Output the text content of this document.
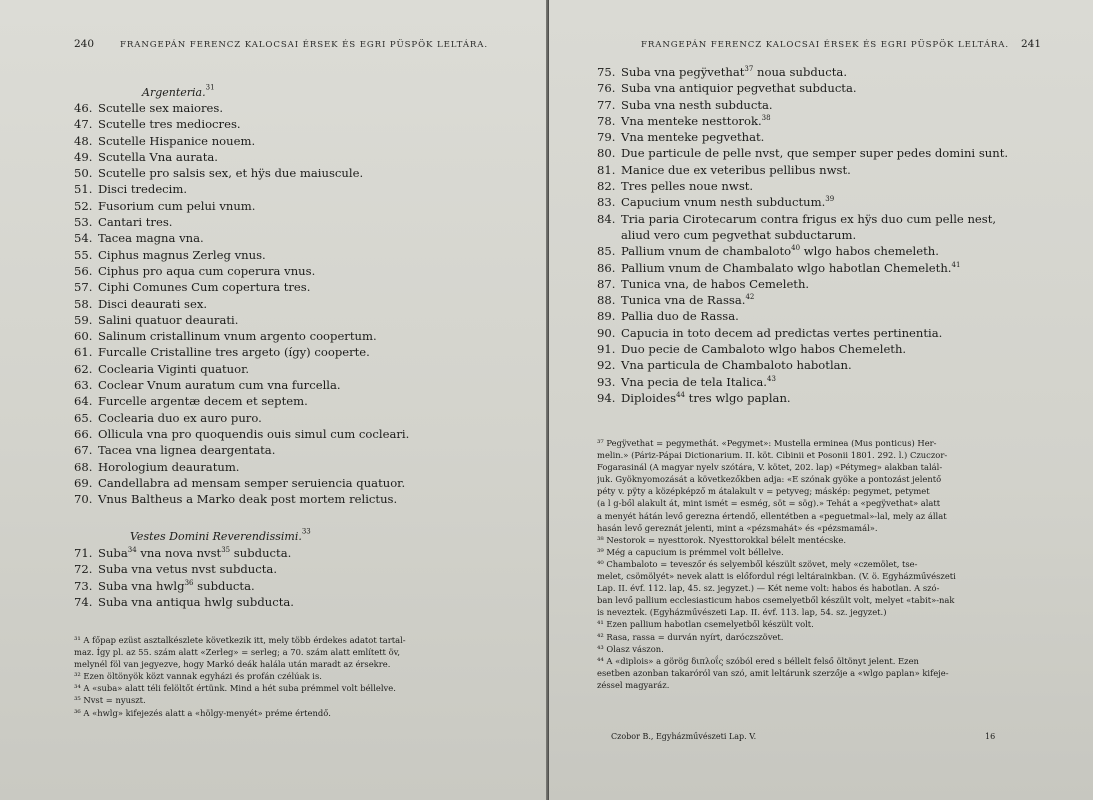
240	FRANGEPÁN FERENCZ KALOCSAI ÉRSEK ÉS EGRI PÜSPÖK LELTÁRA.
Argenteria.$^{31}$
46. Scutelle sex maiores.
47. Scutelle tres mediocres.
48. Scutelle Hispanice nouem.
49. Scutella Vna aurata.
50. Scutelle pro salsis sex, et hÿs due maiuscule.
51. Disci tredecim.
52. Fusorium cum pelui vnum.
53. Cantari tres.
54. Tacea magna vna.
55. Ciphus magnus Zerleg vnus.
56. Ciphus pro aqua cum coperura vnus.
57. Ciphi Comunes Cum copertura tres.
58. Disci deaurati sex.
59. Salini quatuor deaurati.
60. Salinum cristallinum vnum argento coopertum.
61. Furcalle Cristalline tres argeto (így) cooperte.
62. Coclearia Viginti quatuor.
63. Coclear Vnum auratum cum vna furcella.
64. Furcelle argentæ decem et septem.
65. Coclearia duo ex auro puro.
66. Ollicula vna pro quoquendis ouis simul cum cocleari.
67. Tacea vna lignea deargentata.
68. Horologium deauratum.
69. Candellabra ad mensam semper seruiencia quatuor.
70. Vnus Baltheus a Marko deak post mortem relictus.
Vestes Domini Reverendissimi.$^{33}$
71. Suba$^{34}$ vna nova nvst$^{35}$ subducta.
72. Suba vna vetus nvst subducta.
73. Suba vna hwlg$^{36}$ subducta.
74. Suba vna antiqua hwlg subducta.
³¹ A főpap ezüst asztalkészlete következik itt, mely több érdekes adatot tartal-
maz. Így pl. az 55. szám alatt «Zerleg» = serleg; a 70. szám alatt említett öv,
melynél föl van jegyezve, hogy Markó deák halála után maradt az érsekre.
³² Ezen öltönyök közt vannak egyházi és profán czélúak is.
³⁴ A «suba» alatt téli felöltőt értünk. Mind a hét suba prémmel volt béllelve.
³⁵ Nvst = nyuszt.
³⁶ A «hwlg» kifejezés alatt a «hölgy-menyét» préme értendő.
FRANGEPÁN FERENCZ KALOCSAI ÉRSEK ÉS EGRI PÜSPÖK LELTÁRA. 241
75. Suba vna pegÿvethat$^{37}$ noua subducta.
76. Suba vna antiquior pegvethat subducta.
77. Suba vna nesth subducta.
78. Vna menteke nesttorok.$^{38}$
79. Vna menteke pegvethat.
80. Due particule de pelle nvst, que semper super pedes domini sunt.
81. Manice due ex veteribus pellibus nwst.
82. Tres pelles noue nwst.
83. Capucium vnum nesth subductum.$^{39}$
84. Tria paria Cirotecarum contra frigus ex hÿs duo cum pelle nest,
aliud vero cum pegvethat subductarum.
85. Pallium vnum de chambaloto$^{40}$ wlgo habos chemeleth.
86. Pallium vnum de Chambalato wlgo habotlan Chemeleth.$^{41}$
87. Tunica vna, de habos Cemeleth.
88. Tunica vna de Rassa.$^{42}$
89. Pallia duo de Rassa.
90. Capucia in toto decem ad predictas vertes pertinentia.
91. Duo pecie de Cambaloto wlgo habos Chemeleth.
92. Vna particula de Chambaloto habotlan.
93. Vna pecia de tela Italica.$^{43}$
94. Diploides$^{44}$ tres wlgo paplan.
³⁷ Pegÿvethat = pegymethát. «Pegymet»: Mustella erminea (Mus ponticus) Her-
melin.» (Páriz-Pápai Dictionarium. II. köt. Cibinii et Posonii 1801. 292. l.) Czuczor-
Fogarasinál (A magyar nyelv szótára, V. kötet, 202. lap) «Pétymeg» alakban talál-
juk. Gyöknyomozását a következőkben adja: «E szónak gyöke a pontozást jelentő
péty v. pÿty a középképző m átalakult v = petyveg; máskép: pegymet, petymet
(a l g-ből alakult át, mint ismét = esmég, söt = sög).» Tehát a «pegÿvethat» alatt
a menyét hátán levő gerezna értendő, ellentétben a «peguetmal»-lal, mely az állat
hasán levő gereznát jelenti, mint a «pézsmahát» és «pézsmamál».
³⁸ Nestorok = nyesttorok. Nyesttorokkal bélelt mentécske.
³⁹ Még a capucium is prémmel volt béllelve.
⁴⁰ Chambaloto = teveszőr és selyemből készült szövet, mely «czemölet, tse-
melet, csömölyét» nevek alatt is előfordul régi leltárainkban. (V. ö. Egyházművészeti
Lap. II. évf. 112. lap, 45. sz. jegyzet.) — Két neme volt: habos és habotlan. A szó-
ban levő pallium ecclesiasticum habos csemelyetből készült volt, melyet «tabit»-nak
is neveztek. (Egyházművészeti Lap. II. évf. 113. lap, 54. sz. jegyzet.)
⁴¹ Ezen pallium habotlan csemelyetből készült volt.
⁴² Rasa, rassa = durván nyírt, daróczszövet.
⁴³ Olasz vászon.
⁴⁴ A «diplois» a görög διπλοΐς szóból ered s béllelt felső öltönyt jelent. Ezen
esetben azonban takaróról van szó, amit leltárunk szerzője a «wlgo paplan» kifeje-
zéssel magyaráz.
Czobor B., Egyházművészeti Lap. V.	16
